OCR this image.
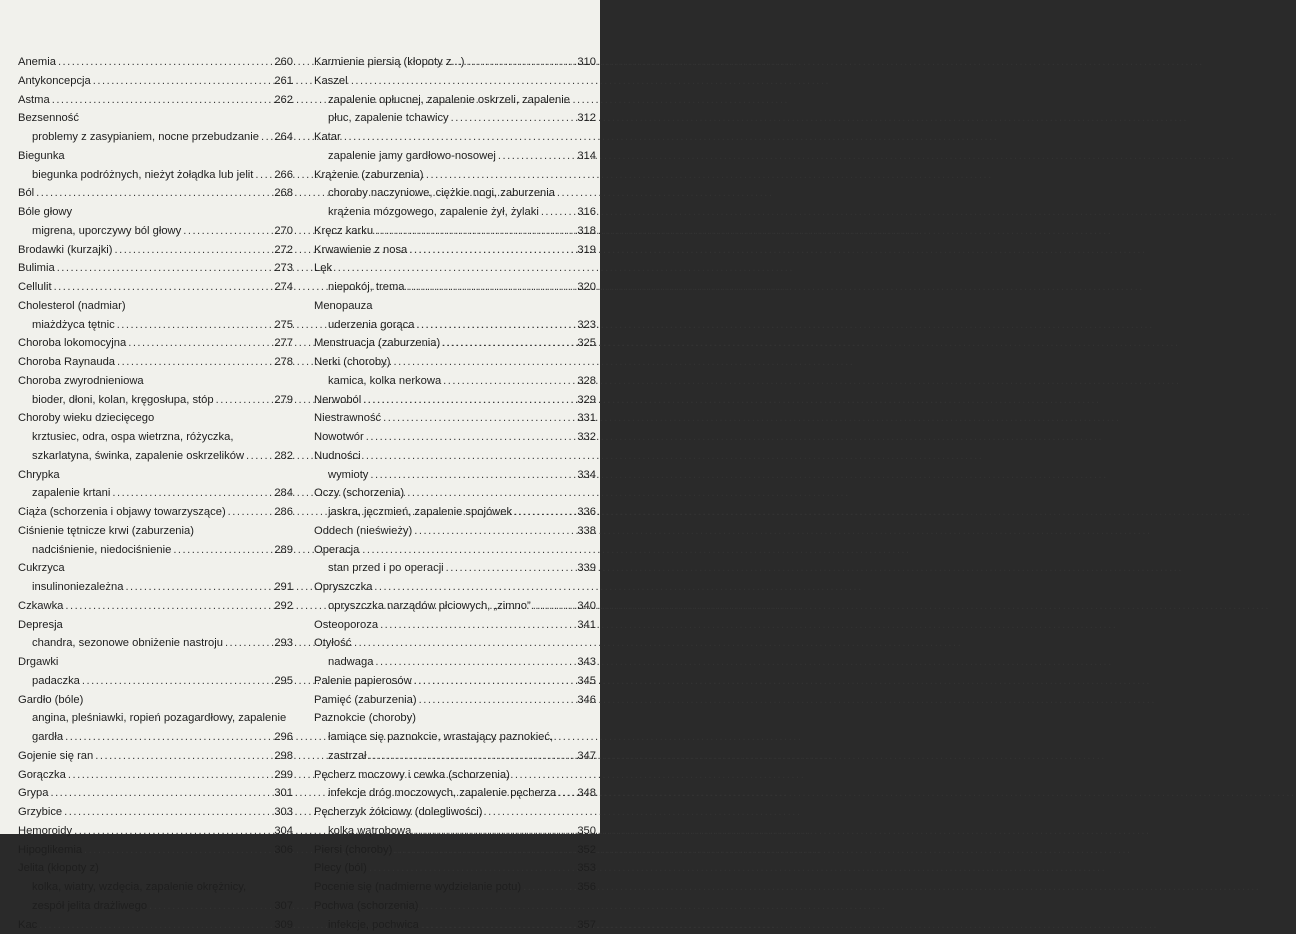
Anemia .....	260
Antykoncepcja .....	261
Astma .....	262
Bezsenność
problemy z zasypianiem, nocne przebudzanie ..... 264
Biegunka
biegunka podróżnych, nieżyt żołądka lub jelit ..... 266
Ból .....	268
Bóle głowy
migrena, uporczywy ból głowy .....	270
Brodawki (kurzajki) .....	272
Bulimia .....	273
Cellulit .....	274
Cholesterol (nadmiar)
miażdżyca tętnic .....	275
Choroba lokomocyjna .....	277
Choroba Raynauda .....	278
Choroba zwyrodnieniowa
bioder, dłoni, kolan, kręgosłupa, stóp .....	279
Choroby wieku dziecięcego
krztusiec, odra, ospa wietrzna, różyczka,
szkarlatyna, świnka, zapalenie oskrzelików .....	282
Chrypka
zapalenie krtani .....	284
Ciąża (schorzenia i objawy towarzyszące) .....	286
Ciśnienie tętnicze krwi (zaburzenia)
nadciśnienie, niedociśnienie .....	289
Cukrzyca
insulinoniezależna .....	291
Czkawka .....	292
Depresja
chandra, sezonowe obniżenie nastroju .....	293
Drgawki
padaczka .....	295
Gardło (bóle)
angina, pleśniawki, ropień pozagardłowy, zapalenie
gardła .....	296
Gojenie się ran .....	298
Gorączka .....	299
Grypa .....	301
Grzybice .....	303
Hemoroidy .....	304
Hipoglikemia .....	306
Jelita (kłopoty z)
kolka, wiatry, wzdęcia, zapalenie okrężnicy,
zespół jelita drażliwego .....	307
Kac .....	309
Karmienie piersią (kłopoty z...) .....	310
Kaszel
zapalenie opłucnej, zapalenie oskrzeli, zapalenie
płuc, zapalenie tchawicy .....	312
Katar
zapalenie jamy gardłowo-nosowej .....	314
Krążenie (zaburzenia)
choroby naczyniowe, ciężkie nogi, zaburzenia
krążenia mózgowego, zapalenie żył, żylaki .....	316
Kręcz karku .....	318
Krwawienie z nosa .....	319
Lęk
niepokój, trema .....	320
Menopauza
uderzenia gorąca .....	323
Menstruacja (zaburzenia) .....	325
Nerki (choroby)
kamica, kolka nerkowa .....	328
Nerwoból .....	329
Niestrawność .....	331
Nowotwór .....	332
Nudności
wymioty .....	334
Oczy (schorzenia)
jaskra, jęczmień, zapalenie spojówek .....	336
Oddech (nieświeży) .....	338
Operacja
stan przed i po operacji .....	339
Opryszczka
opryszczka narządów płciowych, „zimno” .....	340
Osteoporoza .....	341
Otyłość
nadwaga .....	343
Palenie papierosów .....	345
Pamięć (zaburzenia) .....	346
Paznokcie (choroby)
łamiące się paznokcie, wrastający paznokieć,
zastrzał .....	347
Pęcherz moczowy i cewka (schorzenia)
infekcje dróg moczowych, zapalenie pęcherza ..... 348
Pęcherzyk żółciowy (dolegliwości)
kolka wątrobowa .....	350
Piersi (choroby) .....	352
Plecy (ból) .....	353
Pocenie się (nadmierne wydzielanie potu) .....	356
Pochwa (schorzenia)
infekcje, pochwica .....	357
